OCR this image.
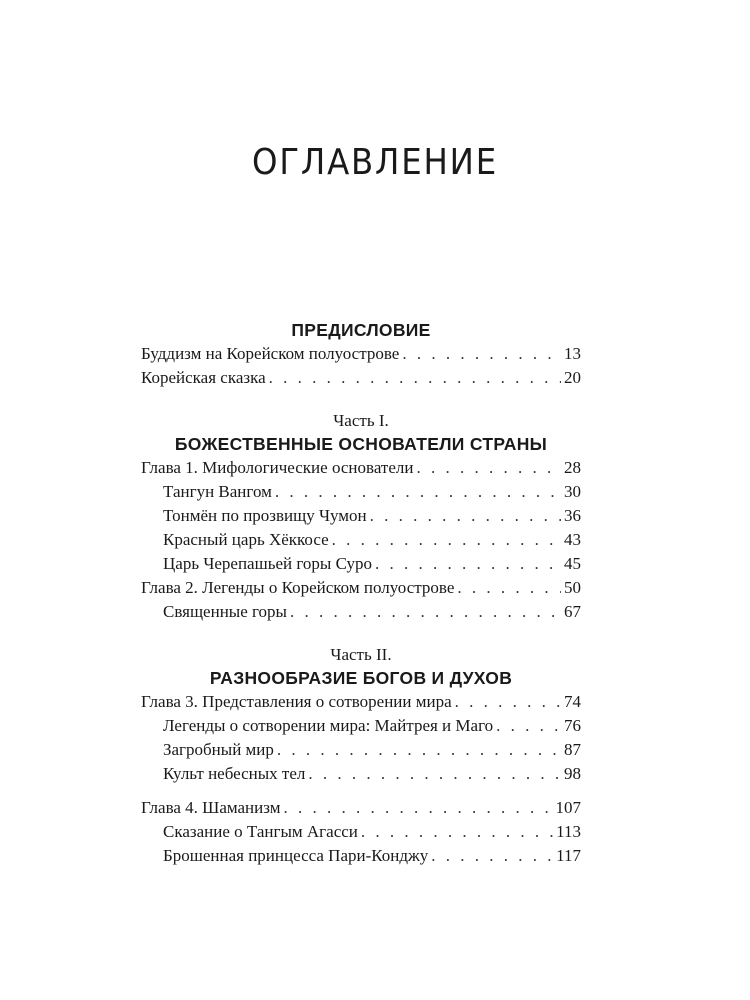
ОГЛАВЛЕНИЕ
ПРЕДИСЛОВИЕ
Буддизм на Корейском полуострове . . .	13
Корейская сказка . . .	20
Часть I.
БОЖЕСТВЕННЫЕ ОСНОВАТЕЛИ СТРАНЫ
Глава 1. Мифологические основатели . . .	28
Тангун Вангом . . .	30
Тонмён по прозвищу Чумон . . .	36
Красный царь Хёккосе . . .	43
Царь Черепашьей горы Суро . . .	45
Глава 2. Легенды о Корейском полуострове . . .	50
Священные горы . . .	67
Часть II.
РАЗНООБРАЗИЕ БОГОВ И ДУХОВ
Глава 3. Представления о сотворении мира . . .	74
Легенды о сотворении мира: Майтрея и Маго . . .	76
Загробный мир . . .	87
Культ небесных тел . . .	98
Глава 4. Шаманизм . . .	107
Сказание о Тангым Агасси . . .	113
Брошенная принцесса Пари-Конджу . . .	117
